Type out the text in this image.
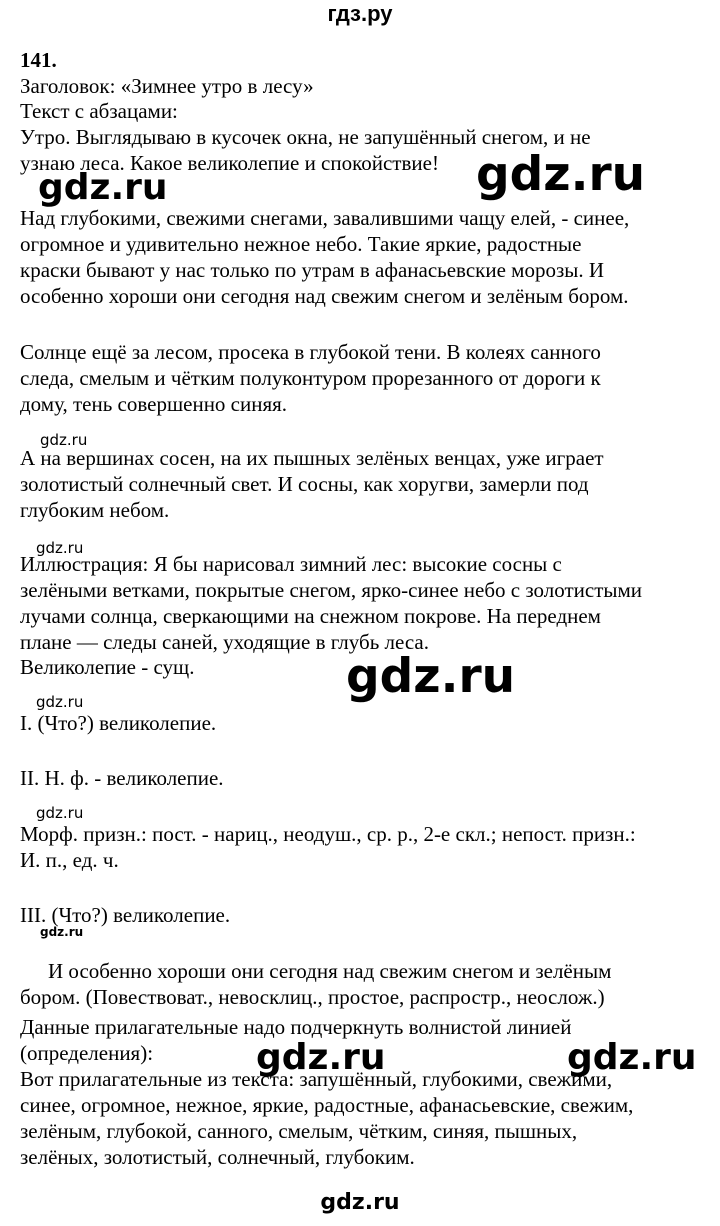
гдз.ру

141.

Заголовок: «Зимнее утро в лесу»

Текст с абзацами:

Утро. Выглядываю в кусочек окна, не запушённый снегом, и не

узнаю леса. Какое великолепие и спокойствие!

Над глубокими, свежими снегами, завалившими чащу елей, - синее,

огромное и удивительно нежное небо. Такие яркие, радостные

краски бывают у нас только по утрам в афанасьевские морозы. И

особенно хороши они сегодня над свежим снегом и зелёным бором.

Солнце ещё за лесом, просека в глубокой тени. В колеях санного

следа, смелым и чётким полуконтуром прорезанного от дороги к

дому, тень совершенно синяя.

А на вершинах сосен, на их пышных зелёных венцах, уже играет

золотистый солнечный свет. И сосны, как хоругви, замерли под

глубоким небом.

Иллюстрация: Я бы нарисовал зимний лес: высокие сосны с

зелёными ветками, покрытые снегом, ярко-синее небо с золотистыми

лучами солнца, сверкающими на снежном покрове. На переднем

плане — следы саней, уходящие в глубь леса.

Великолепие - сущ.

I. (Что?) великолепие.

II. Н. ф. - великолепие.

Морф. призн.: пост. - нариц., неодуш., ср. р., 2-е скл.; непост. призн.:

И. п., ед. ч.

III. (Что?) великолепие.

И особенно хороши они сегодня над свежим снегом и зелёным

бором. (Повествоват., невосклиц., простое, распростр., неослож.)

Данные прилагательные надо подчеркнуть волнистой линией

(определения):

Вот прилагательные из текста: запушённый, глубокими, свежими,

синее, огромное, нежное, яркие, радостные, афанасьевские, свежим,

зелёным, глубокой, санного, смелым, чётким, синяя, пышных,

зелёных, золотистый, солнечный, глубоким.

gdz.ru	gdz.ru
gdz.ru
gdz.ru
gdz.ru
gdz.ru
gdz.ru
gdz.ru
gdz.ru	gdz.ru
gdz.ru
